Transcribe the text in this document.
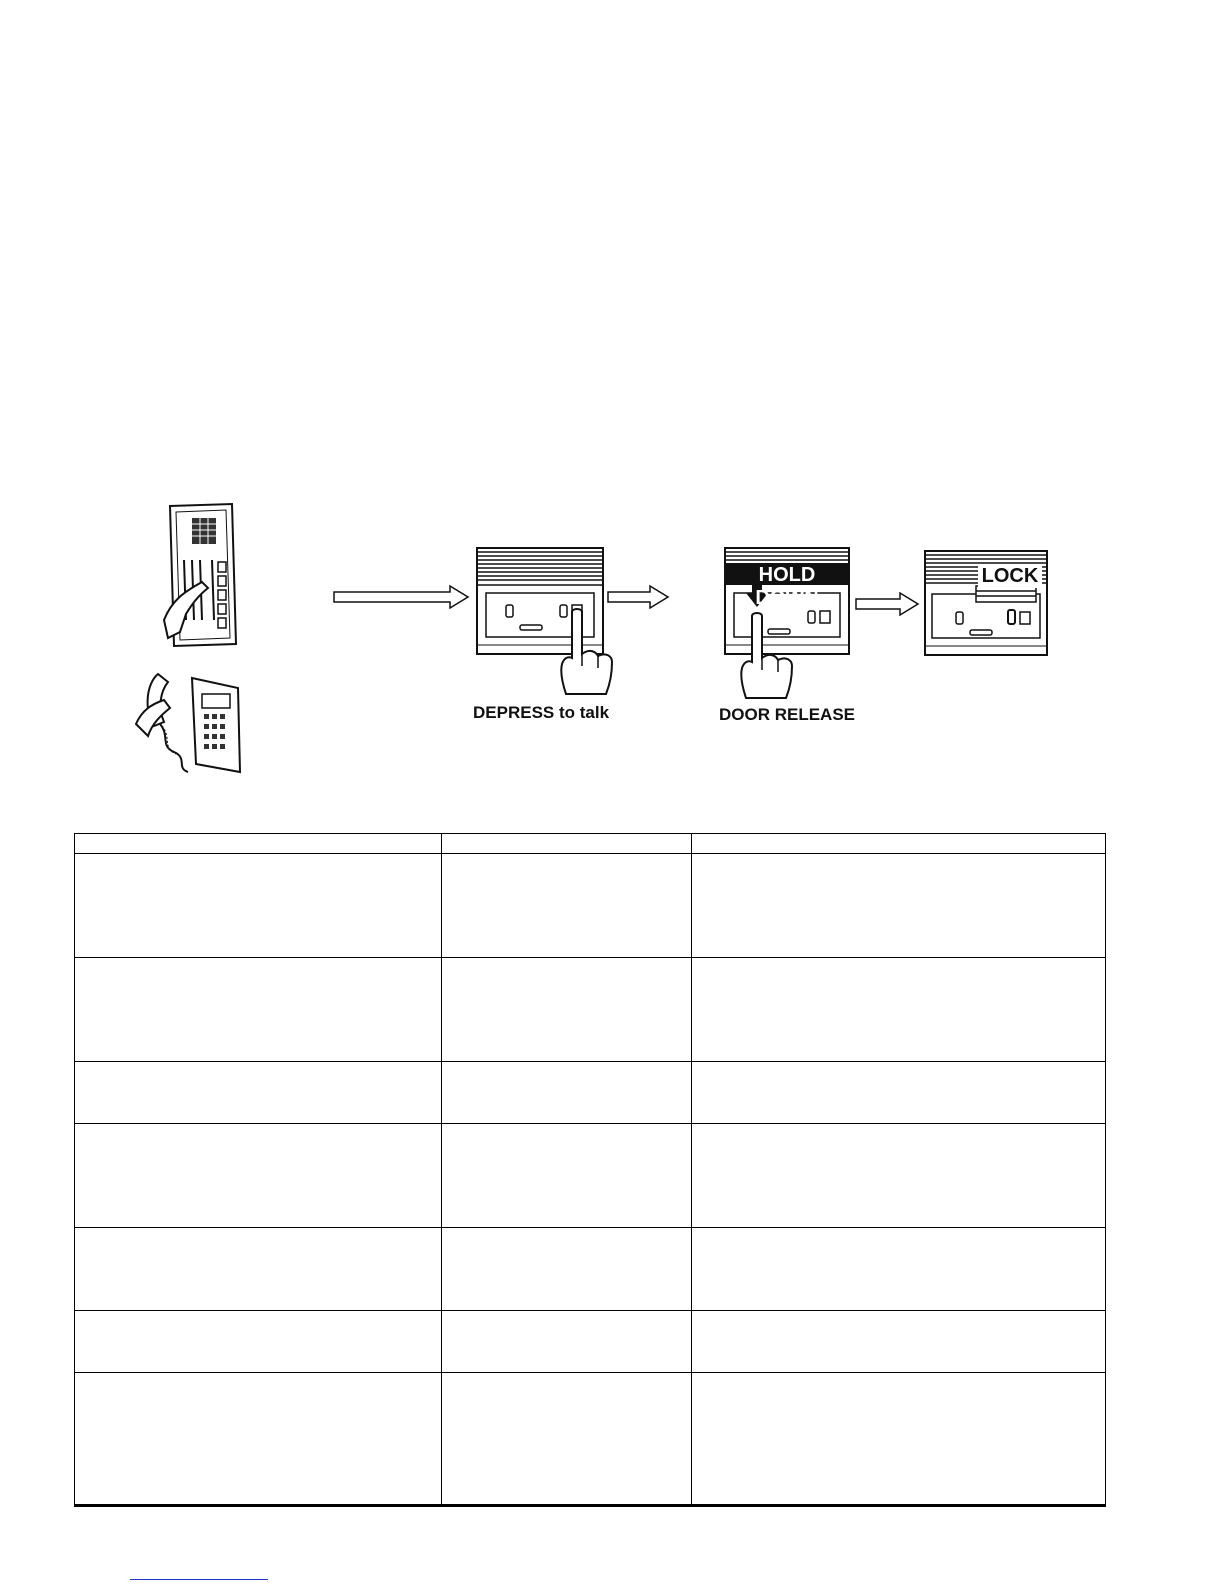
DEPRESS to talk
HOLD DOWN
DOOR RELEASE
LOCK
